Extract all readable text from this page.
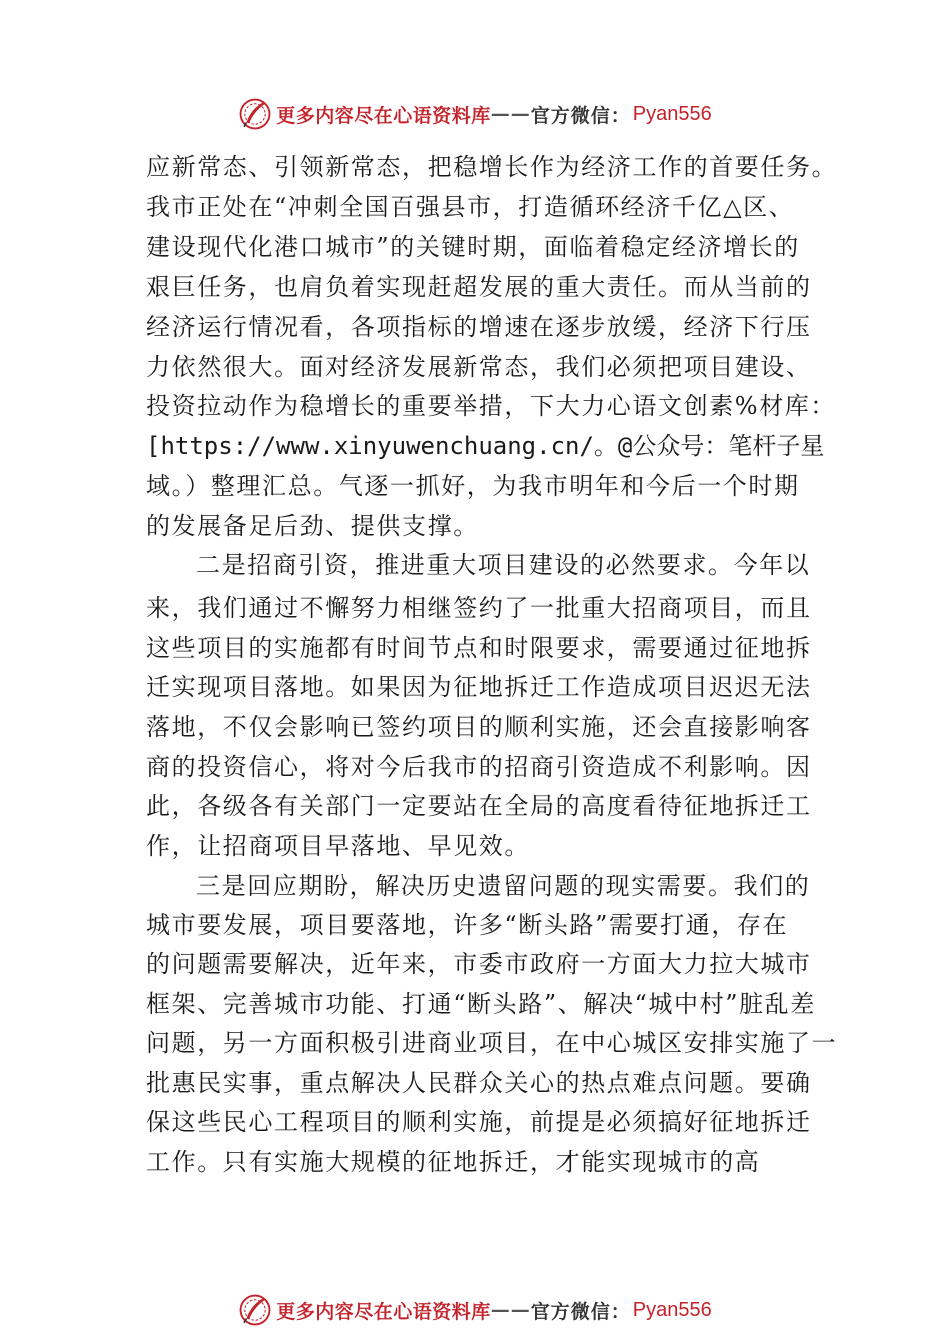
更多内容尽在心语资料库 —— 官方微信： Pyan556
应新常态、引领新常态，把稳增长作为经济工作的首要任务。
我市正处在“冲刺全国百强县市，打造循环经济千亿△区、
建设现代化港口城市”的关键时期，面临着稳定经济增长的
艰巨任务，也肩负着实现赶超发展的重大责任。而从当前的
经济运行情况看，各项指标的增速在逐步放缓，经济下行压
力依然很大。面对经济发展新常态，我们必须把项目建设、
投资拉动作为稳增长的重要举措，下大力心语文创素%材库：
[https://www.xinyuwenchuang.cn/。@公众号：笔杆子星
域。）整理汇总。气逐一抓好，为我市明年和今后一个时期
的发展备足后劲、提供支撑。
二是招商引资，推进重大项目建设的必然要求。今年以
来，我们通过不懈努力相继签约了一批重大招商项目，而且
这些项目的实施都有时间节点和时限要求，需要通过征地拆
迁实现项目落地。如果因为征地拆迁工作造成项目迟迟无法
落地，不仅会影响已签约项目的顺利实施，还会直接影响客
商的投资信心，将对今后我市的招商引资造成不利影响。因
此，各级各有关部门一定要站在全局的高度看待征地拆迁工
作，让招商项目早落地、早见效。
三是回应期盼，解决历史遗留问题的现实需要。我们的
城市要发展，项目要落地，许多“断头路”需要打通，存在
的问题需要解决，近年来，市委市政府一方面大力拉大城市
框架、完善城市功能、打通“断头路”、解决“城中村”脏乱差
问题，另一方面积极引进商业项目，在中心城区安排实施了一
批惠民实事，重点解决人民群众关心的热点难点问题。要确
保这些民心工程项目的顺利实施，前提是必须搞好征地拆迁
工作。只有实施大规模的征地拆迁，才能实现城市的高
更多内容尽在心语资料库 —— 官方微信： Pyan556
